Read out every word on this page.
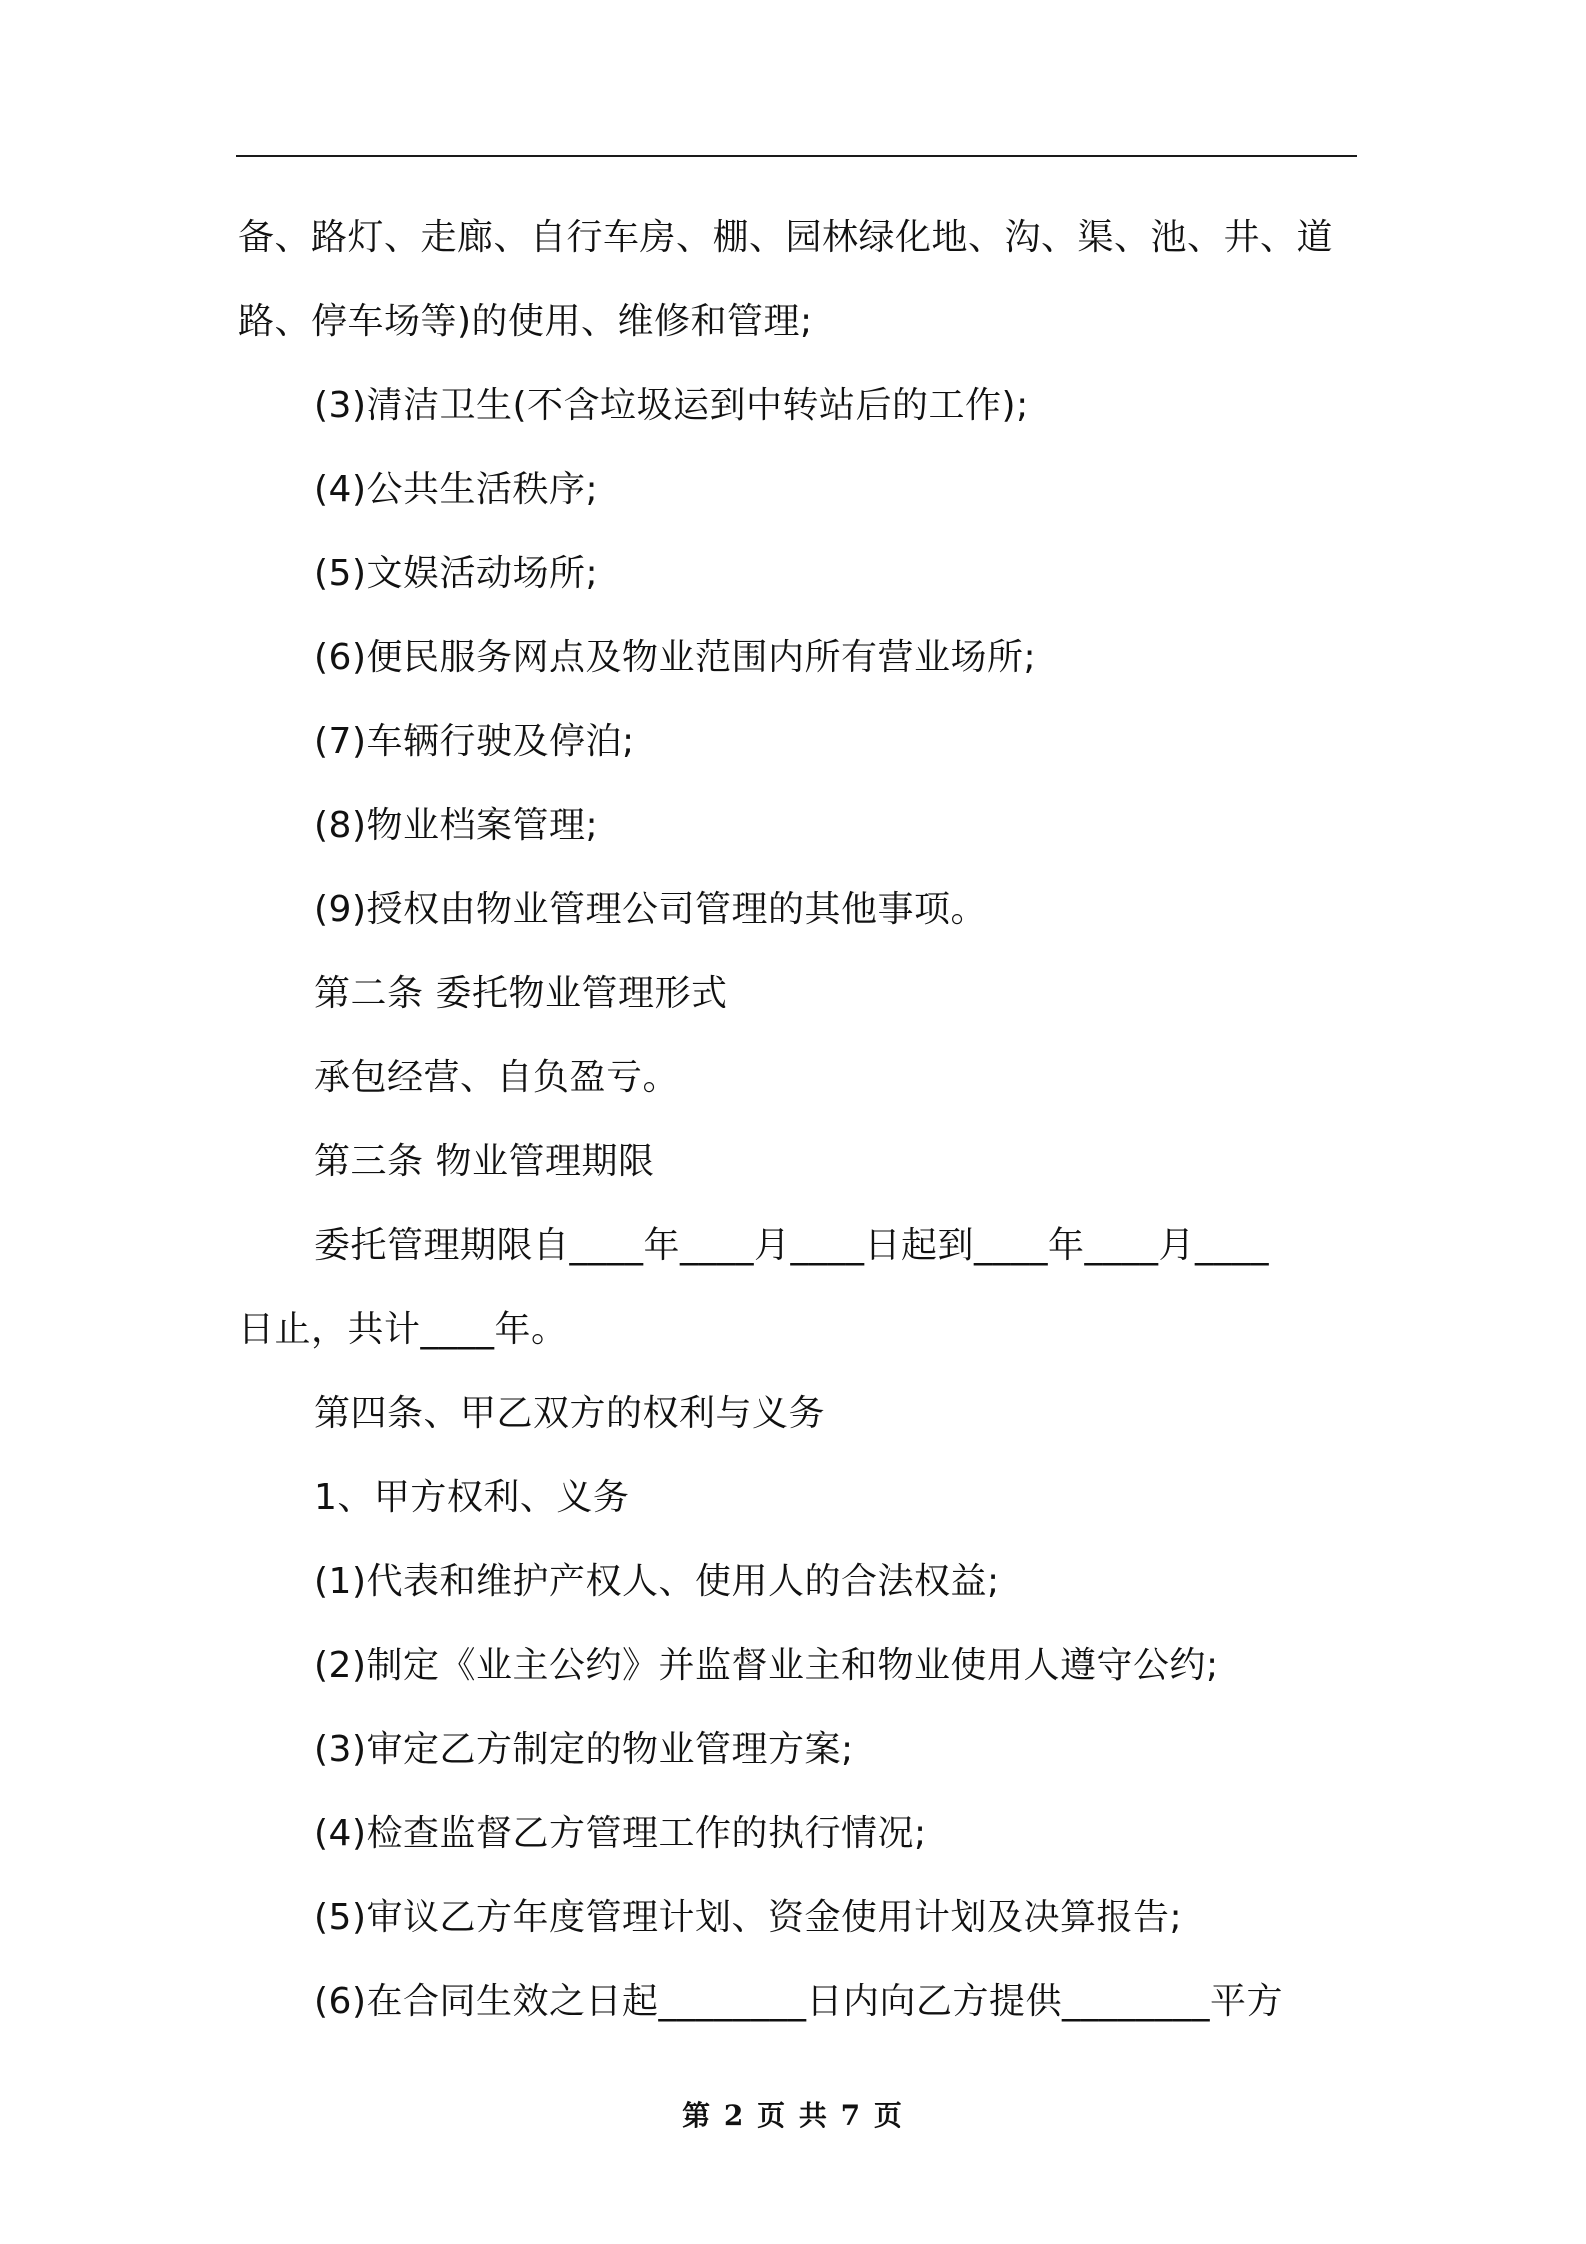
备、路灯、走廊、自行车房、棚、园林绿化地、沟、渠、池、井、道
路、停车场等)的使用、维修和管理;
(3)清洁卫生(不含垃圾运到中转站后的工作);
(4)公共生活秩序;
(5)文娱活动场所;
(6)便民服务网点及物业范围内所有营业场所;
(7)车辆行驶及停泊;
(8)物业档案管理;
(9)授权由物业管理公司管理的其他事项。
第二条 委托物业管理形式
承包经营、自负盈亏。
第三条 物业管理期限
委托管理期限自____年____月____日起到____年____月____
日止，共计____年。
第四条、甲乙双方的权利与义务
1、甲方权利、义务
(1)代表和维护产权人、使用人的合法权益;
(2)制定《业主公约》并监督业主和物业使用人遵守公约;
(3)审定乙方制定的物业管理方案;
(4)检查监督乙方管理工作的执行情况;
(5)审议乙方年度管理计划、资金使用计划及决算报告;
(6)在合同生效之日起________日内向乙方提供________平方
第 2 页 共 7 页
